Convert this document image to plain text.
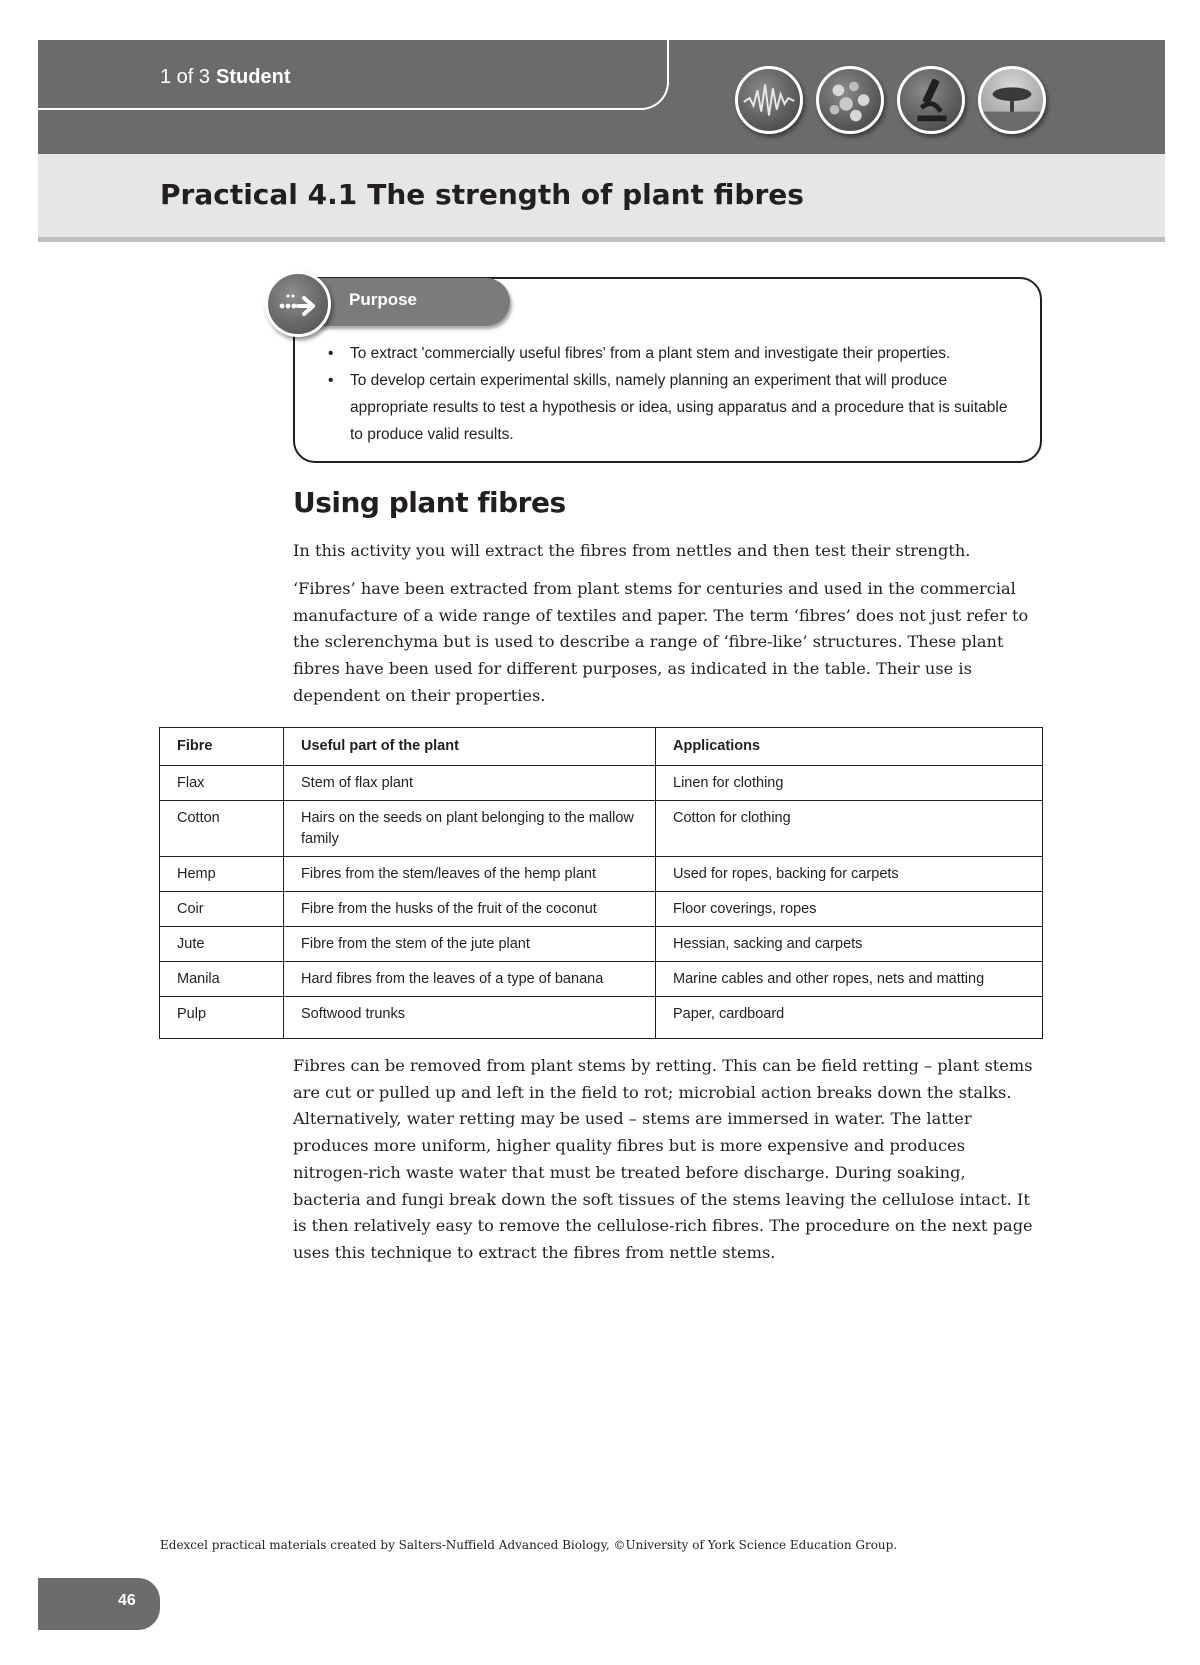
1 of 3 Student
Practical 4.1 The strength of plant fibres
Purpose
• To extract 'commercially useful fibres' from a plant stem and investigate their properties.
• To develop certain experimental skills, namely planning an experiment that will produce appropriate results to test a hypothesis or idea, using apparatus and a procedure that is suitable to produce valid results.
Using plant fibres

In this activity you will extract the fibres from nettles and then test their strength.

‘Fibres’ have been extracted from plant stems for centuries and used in the commercial manufacture of a wide range of textiles and paper. The term ‘fibres’ does not just refer to the sclerenchyma but is used to describe a range of ‘fibre-like’ structures. These plant fibres have been used for different purposes, as indicated in the table. Their use is dependent on their properties.

Fibre	Useful part of the plant	Applications
Flax	Stem of flax plant	Linen for clothing
Cotton	Hairs on the seeds on plant belonging to the mallow family	Cotton for clothing
Hemp	Fibres from the stem/leaves of the hemp plant	Used for ropes, backing for carpets
Coir	Fibre from the husks of the fruit of the coconut	Floor coverings, ropes
Jute	Fibre from the stem of the jute plant	Hessian, sacking and carpets
Manila	Hard fibres from the leaves of a type of banana	Marine cables and other ropes, nets and matting
Pulp	Softwood trunks	Paper, cardboard

Fibres can be removed from plant stems by retting. This can be field retting – plant stems are cut or pulled up and left in the field to rot; microbial action breaks down the stalks. Alternatively, water retting may be used – stems are immersed in water. The latter produces more uniform, higher quality fibres but is more expensive and produces nitrogen-rich waste water that must be treated before discharge. During soaking, bacteria and fungi break down the soft tissues of the stems leaving the cellulose intact. It is then relatively easy to remove the cellulose-rich fibres. The procedure on the next page uses this technique to extract the fibres from nettle stems.

Edexcel practical materials created by Salters-Nuffield Advanced Biology, ©University of York Science Education Group.
46
